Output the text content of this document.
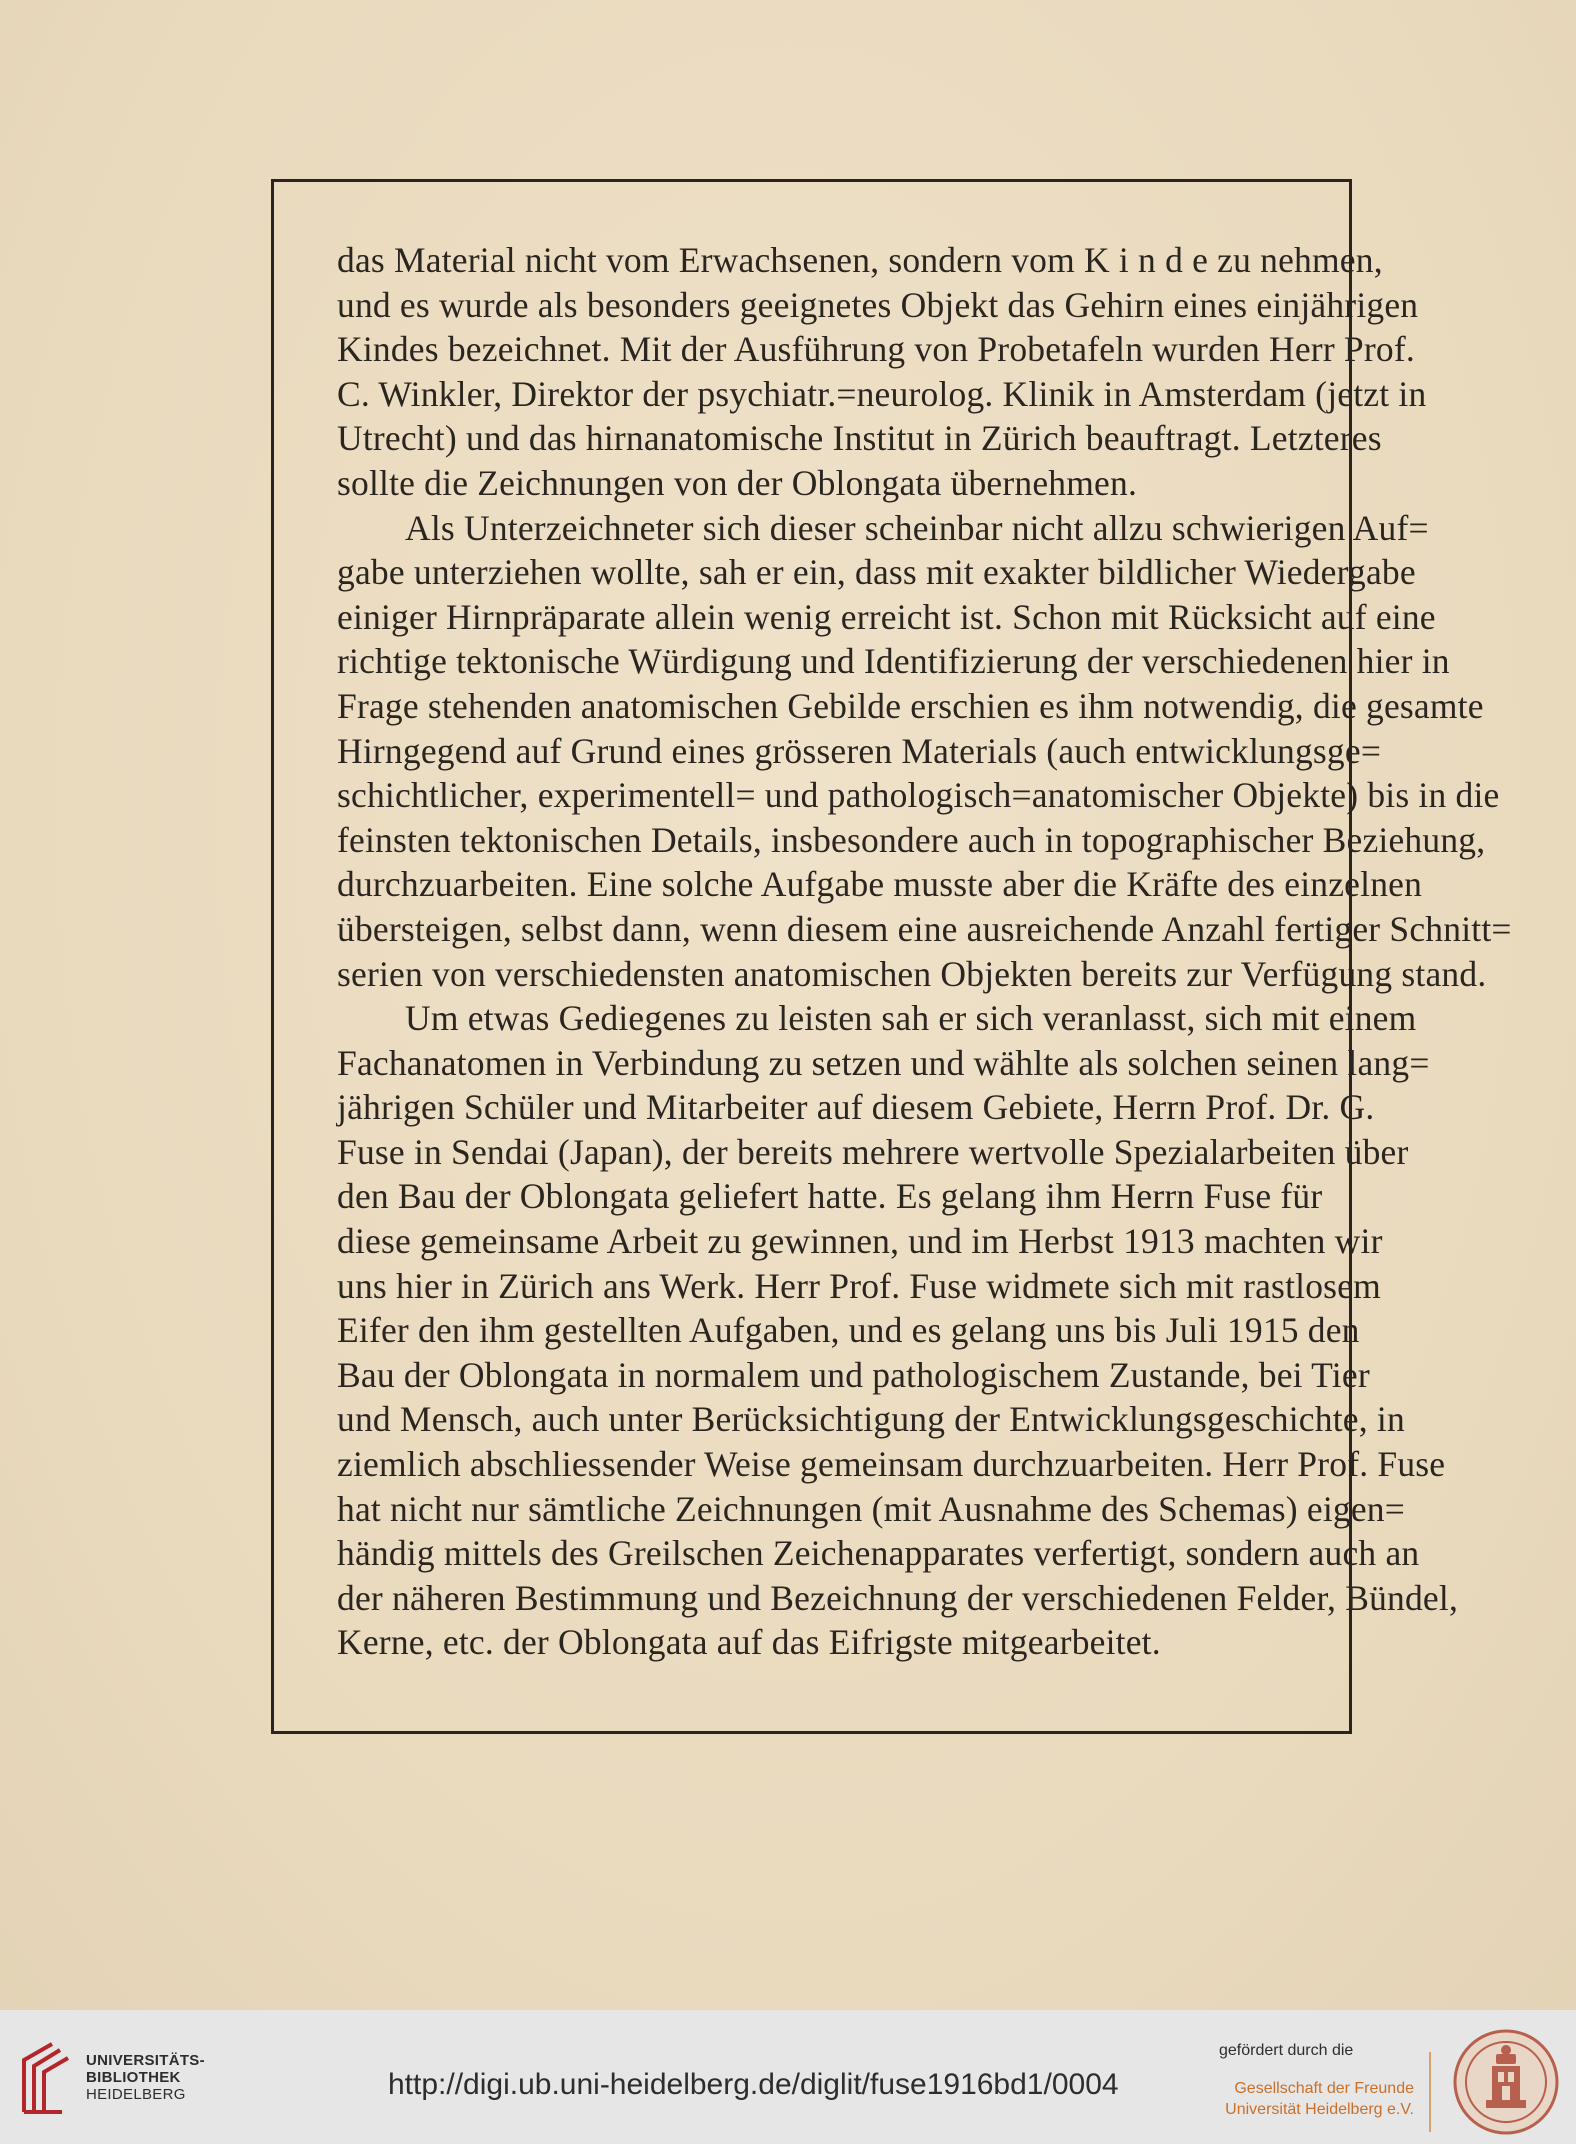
das Material nicht vom Erwachsenen, sondern vom K i n d e zu nehmen,
und es wurde als besonders geeignetes Objekt das Gehirn eines einjährigen
Kindes bezeichnet. Mit der Ausführung von Probetafeln wurden Herr Prof.
C. Winkler, Direktor der psychiatr.=neurolog. Klinik in Amsterdam (jetzt in
Utrecht) und das hirnanatomische Institut in Zürich beauftragt. Letzteres
sollte die Zeichnungen von der Oblongata übernehmen.
Als Unterzeichneter sich dieser scheinbar nicht allzu schwierigen Auf=
gabe unterziehen wollte, sah er ein, dass mit exakter bildlicher Wiedergabe
einiger Hirnpräparate allein wenig erreicht ist. Schon mit Rücksicht auf eine
richtige tektonische Würdigung und Identifizierung der verschiedenen hier in
Frage stehenden anatomischen Gebilde erschien es ihm notwendig, die gesamte
Hirngegend auf Grund eines grösseren Materials (auch entwicklungsge=
schichtlicher, experimentell= und pathologisch=anatomischer Objekte) bis in die
feinsten tektonischen Details, insbesondere auch in topographischer Beziehung,
durchzuarbeiten. Eine solche Aufgabe musste aber die Kräfte des einzelnen
übersteigen, selbst dann, wenn diesem eine ausreichende Anzahl fertiger Schnitt=
serien von verschiedensten anatomischen Objekten bereits zur Verfügung stand.
Um etwas Gediegenes zu leisten sah er sich veranlasst, sich mit einem
Fachanatomen in Verbindung zu setzen und wählte als solchen seinen lang=
jährigen Schüler und Mitarbeiter auf diesem Gebiete, Herrn Prof. Dr. G.
Fuse in Sendai (Japan), der bereits mehrere wertvolle Spezialarbeiten über
den Bau der Oblongata geliefert hatte. Es gelang ihm Herrn Fuse für
diese gemeinsame Arbeit zu gewinnen, und im Herbst 1913 machten wir
uns hier in Zürich ans Werk. Herr Prof. Fuse widmete sich mit rastlosem
Eifer den ihm gestellten Aufgaben, und es gelang uns bis Juli 1915 den
Bau der Oblongata in normalem und pathologischem Zustande, bei Tier
und Mensch, auch unter Berücksichtigung der Entwicklungsgeschichte, in
ziemlich abschliessender Weise gemeinsam durchzuarbeiten. Herr Prof. Fuse
hat nicht nur sämtliche Zeichnungen (mit Ausnahme des Schemas) eigen=
händig mittels des Greilschen Zeichenapparates verfertigt, sondern auch an
der näheren Bestimmung und Bezeichnung der verschiedenen Felder, Bündel,
Kerne, etc. der Oblongata auf das Eifrigste mitgearbeitet.
UNIVERSITÄTS-
BIBLIOTHEK
HEIDELBERG	http://digi.ub.uni-heidelberg.de/diglit/fuse1916bd1/0004
gefördert durch die
Gesellschaft der Freunde
Universität Heidelberg e.V.
